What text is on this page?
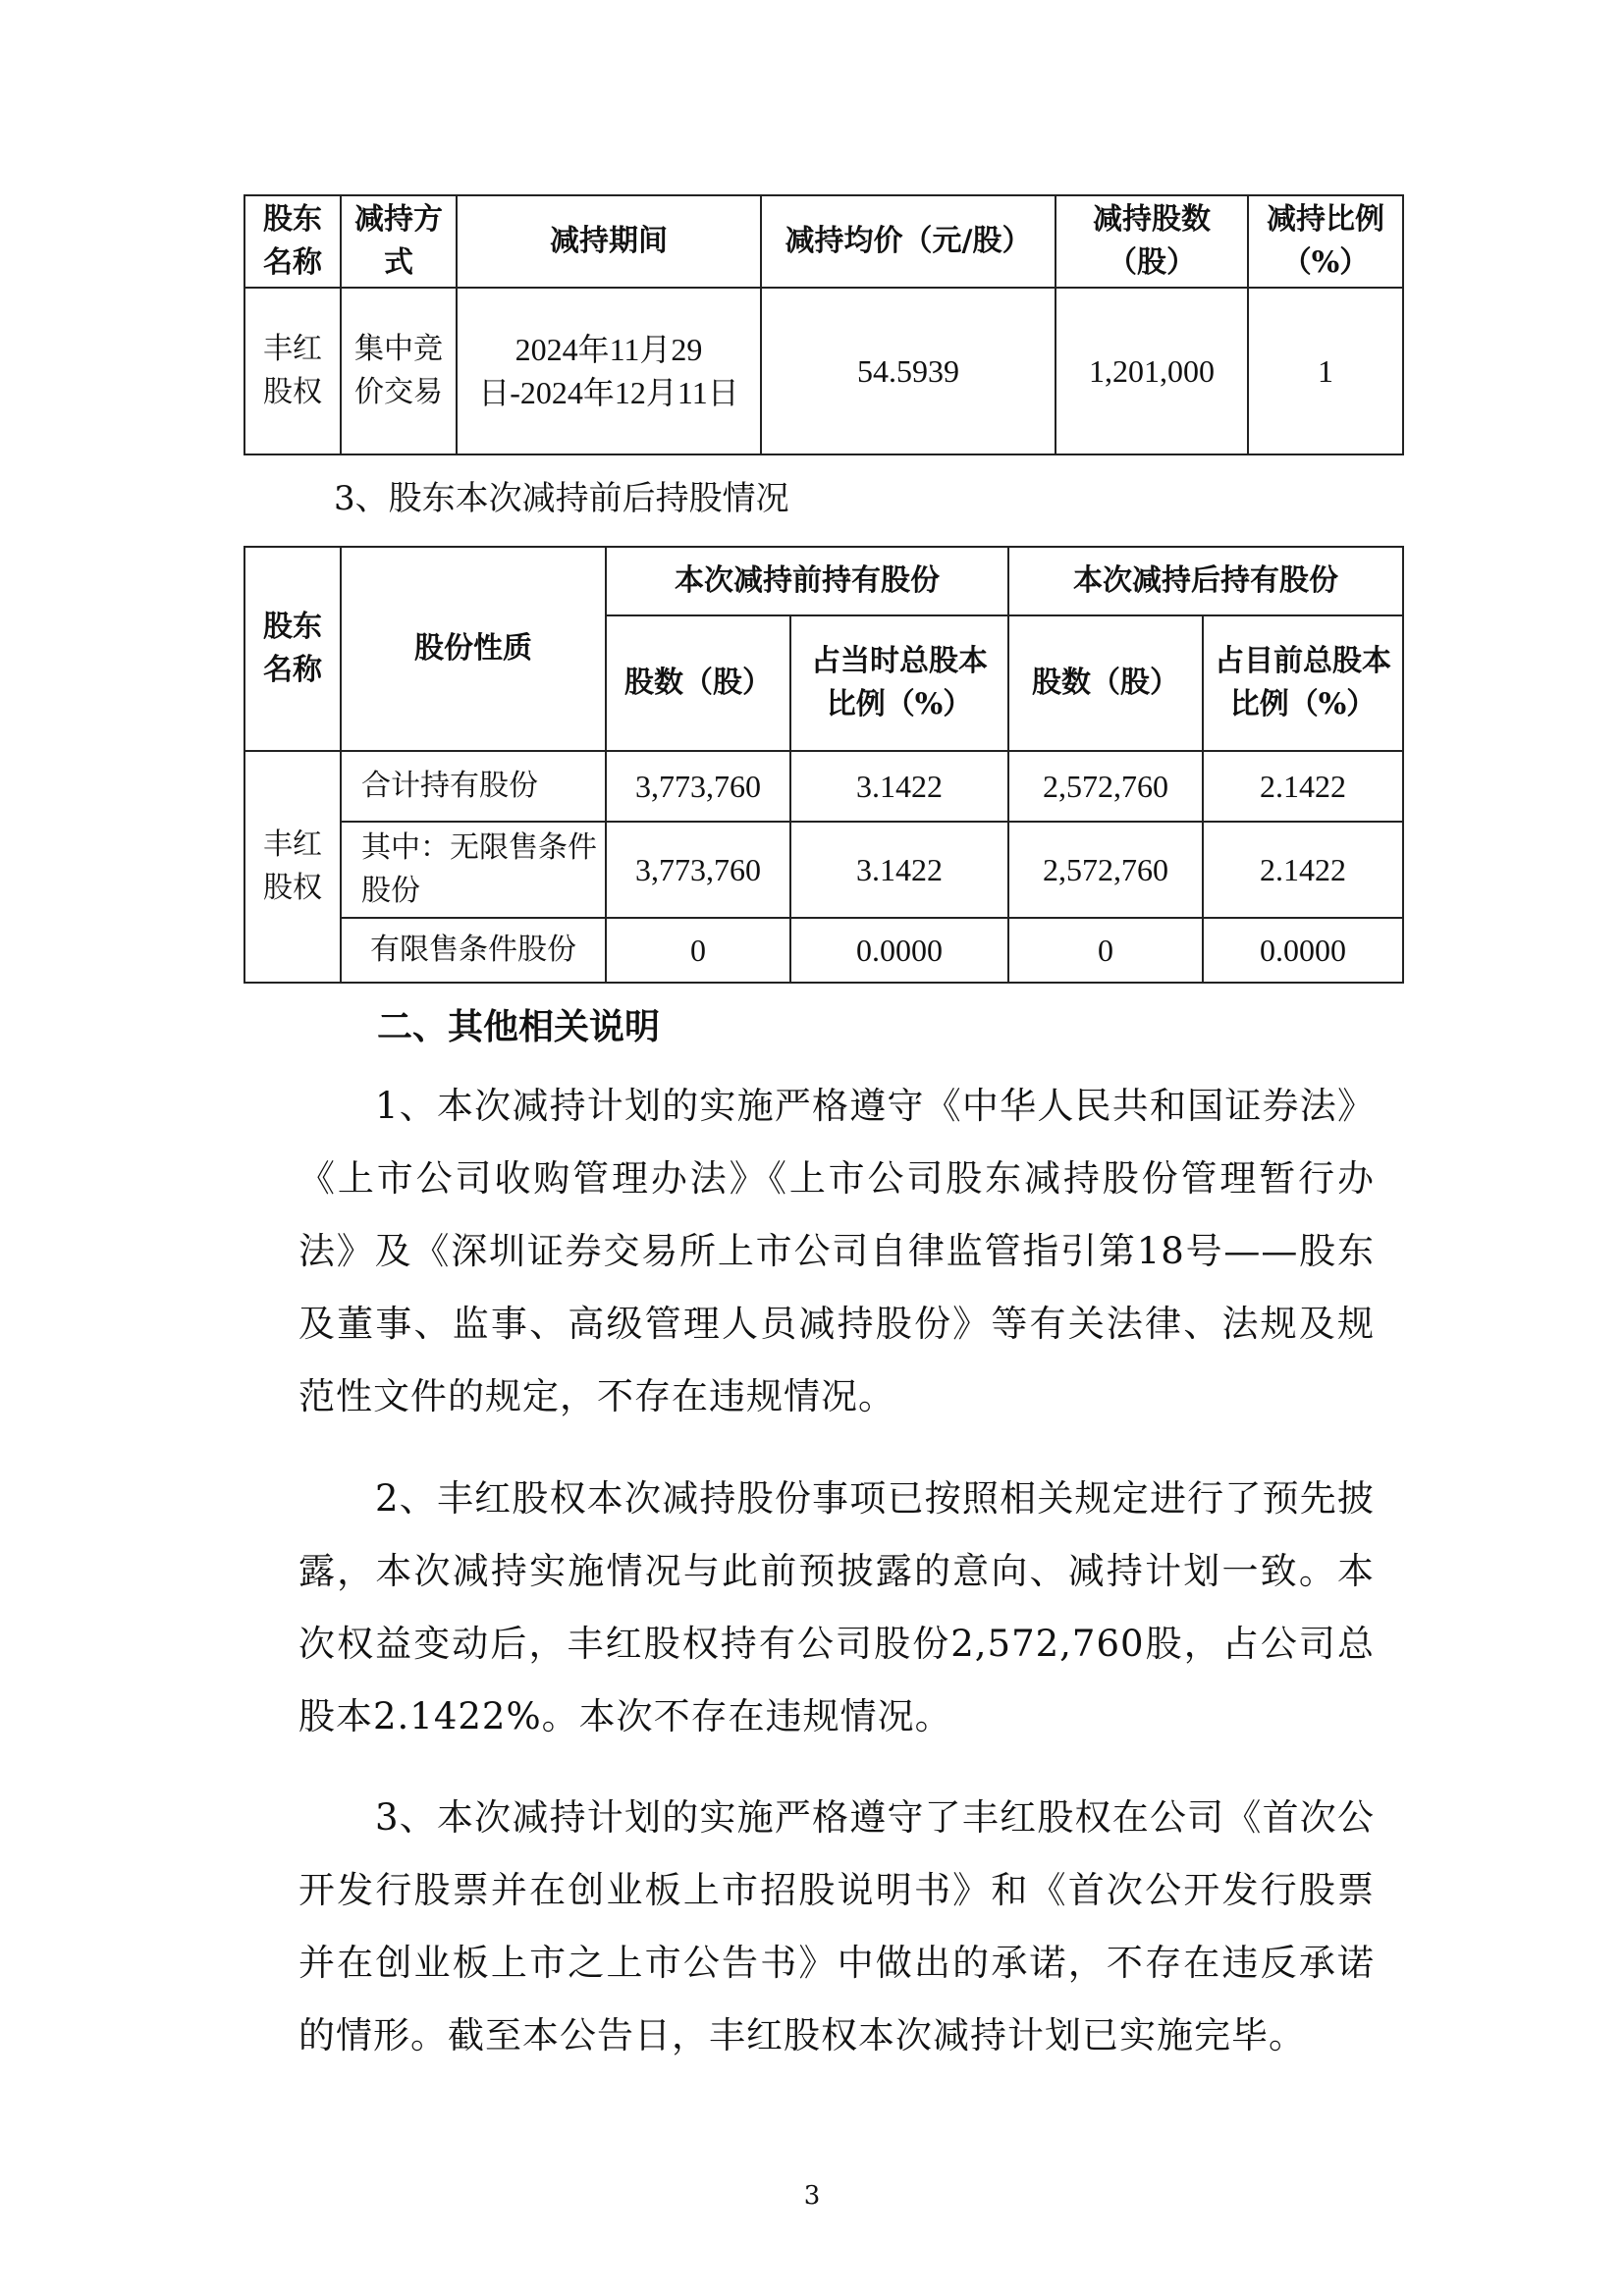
股东名称	减持方式	减持期间	减持均价（元/股）	减持股数（股）	减持比例（%）
丰红股权	集中竞价交易	2024年11月29日-2024年12月11日	54.5939	1,201,000	1
3、股东本次减持前后持股情况
股东名称	股份性质	本次减持前持有股份		本次减持后持有股份	
		股数（股）	占当时总股本比例（%）	股数（股）	占目前总股本比例（%）
丰红股权	合计持有股份	3,773,760	3.1422	2,572,760	2.1422
	其中：无限售条件股份	3,773,760	3.1422	2,572,760	2.1422
	有限售条件股份	0	0.0000	0	0.0000
二、其他相关说明
1、本次减持计划的实施严格遵守《中华人民共和国证券法》《上市公司收购管理办法》《上市公司股东减持股份管理暂行办法》及《深圳证券交易所上市公司自律监管指引第18号——股东及董事、监事、高级管理人员减持股份》等有关法律、法规及规范性文件的规定，不存在违规情况。
2、丰红股权本次减持股份事项已按照相关规定进行了预先披露，本次减持实施情况与此前预披露的意向、减持计划一致。本次权益变动后，丰红股权持有公司股份2,572,760股，占公司总股本2.1422%。本次不存在违规情况。
3、本次减持计划的实施严格遵守了丰红股权在公司《首次公开发行股票并在创业板上市招股说明书》和《首次公开发行股票并在创业板上市之上市公告书》中做出的承诺，不存在违反承诺的情形。截至本公告日，丰红股权本次减持计划已实施完毕。
3
